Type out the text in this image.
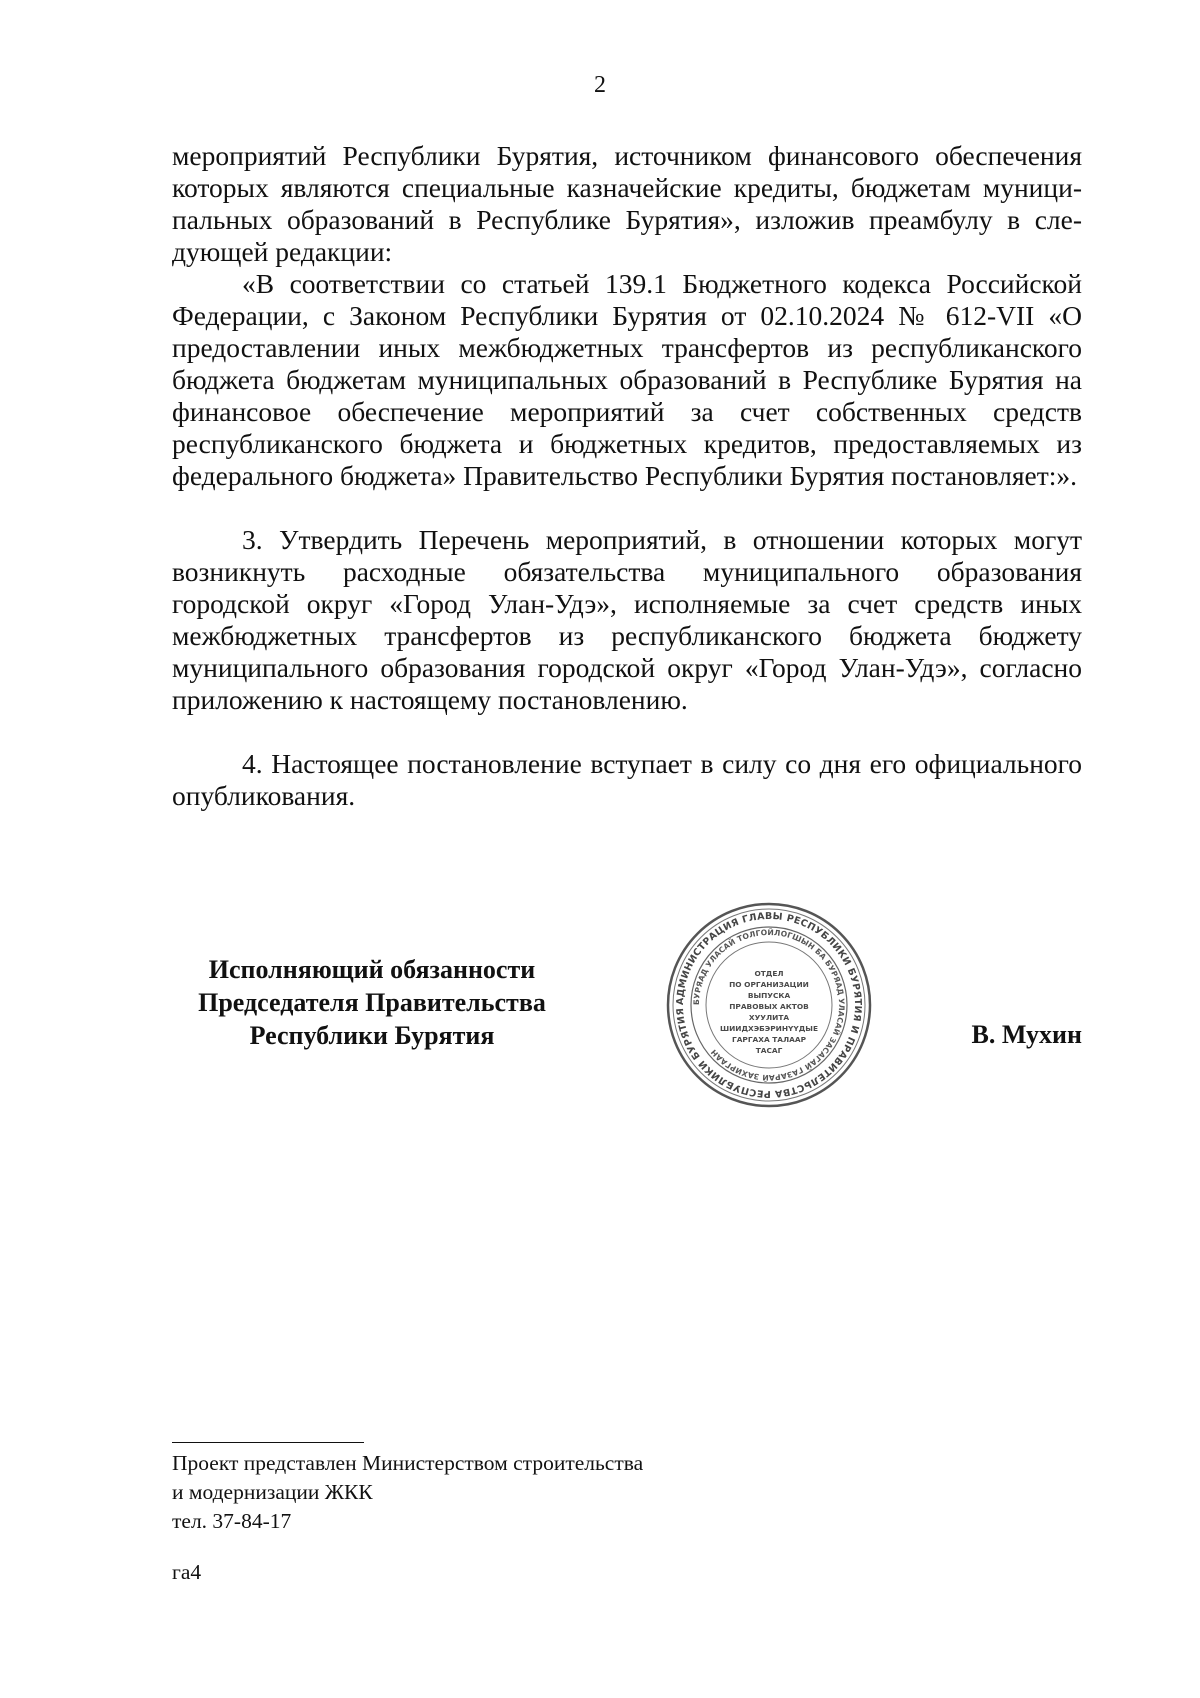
2

мероприятий Республики Бурятия, источником финансового обеспечения

которых являются специальные казначейские кредиты, бюджетам муници-

пальных образований в Республике Бурятия», изложив преамбулу в сле-

дующей редакции:

«В соответствии со статьей 139.1 Бюджетного кодекса Российской Федерации, с Законом Республики Бурятия от 02.10.2024 № 612-VII «О предоставлении иных межбюджетных трансфертов из республиканского бюджета бюджетам муниципальных образований в Республике Бурятия на финансовое обеспечение мероприятий за счет собственных средств республиканского бюджета и бюджетных кредитов, предоставляемых из федерального бюджета» Правительство Республики Бурятия постановляет:».

3. Утвердить Перечень мероприятий, в отношении которых могут возникнуть расходные обязательства муниципального образования городской округ «Город Улан-Удэ», исполняемые за счет средств иных межбюджетных трансфертов из республиканского бюджета бюджету муниципального образования городской округ «Город Улан-Удэ», согласно приложению к настоящему постановлению.

4. Настоящее постановление вступает в силу со дня его официального опубликования.

Исполняющий обязанности
Председателя Правительства
Республики Бурятия
АДМИНИСТРАЦИЯ ГЛАВЫ РЕСПУБЛИКИ БУРЯТИЯ И ПРАВИТЕЛЬСТВА РЕСПУБЛИКИ БУРЯТИЯ
БУРЯАД УЛАСАЙ ТОЛГОЙЛОГШЫН БА БУРЯАД УЛАСАЙ ЗАСАГАЙ ГАЗАРАЙ ЗАХИРГААН
ОТДЕЛ
ПО ОРГАНИЗАЦИИ
ВЫПУСКА
ПРАВОВЫХ АКТОВ
ХУУЛИТА
ШИИДХЭБЭРИНҮҮДЫЕ
ГАРГАХА ТАЛААР
ТАСАГ
В. Мухин
Проект представлен Министерством строительства
и модернизации ЖКК
тел. 37-84-17
га4
